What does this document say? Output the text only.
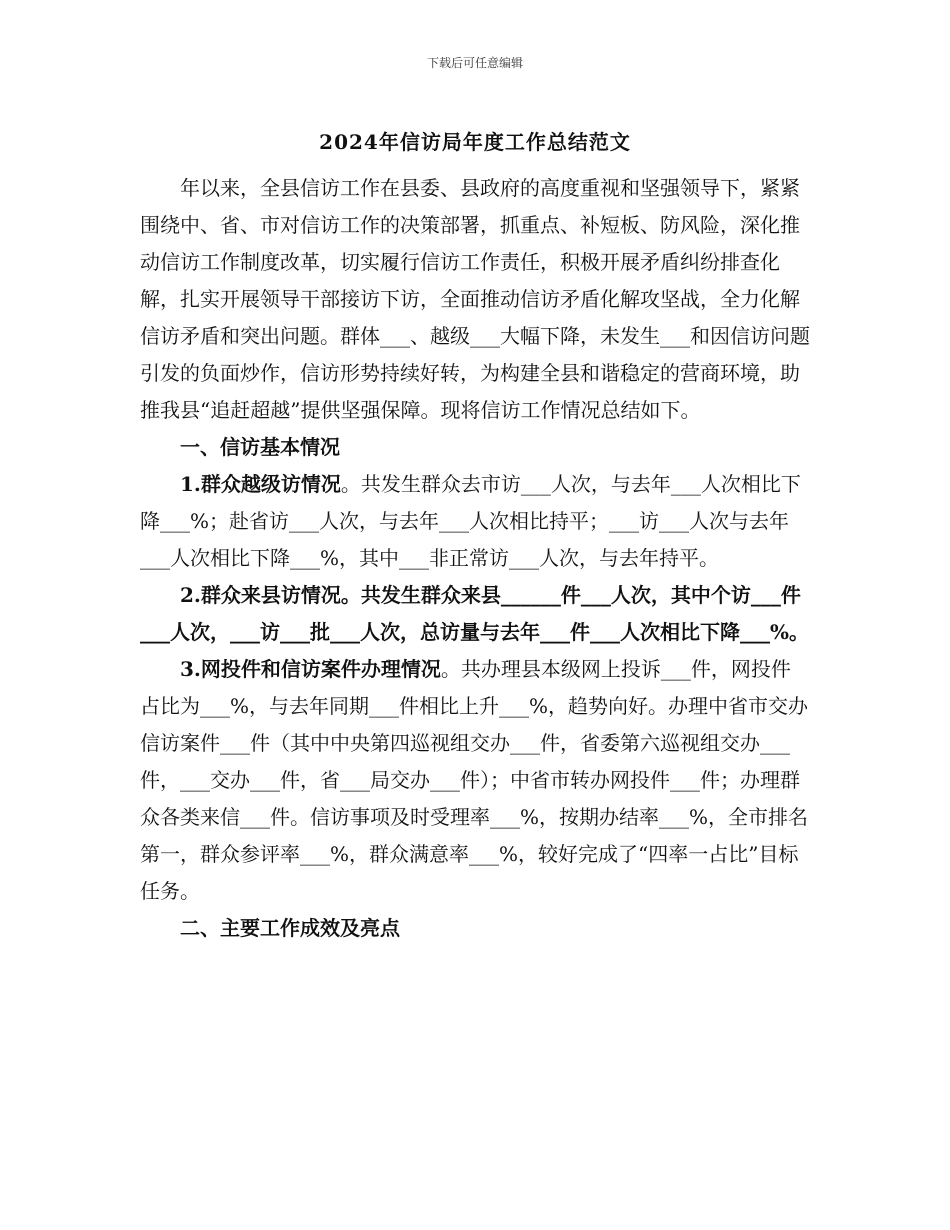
下载后可任意编辑
2024年信访局年度工作总结范文

年以来，全县信访工作在县委、县政府的高度重视和坚强领导下，紧紧围绕中、省、市对信访工作的决策部署，抓重点、补短板、防风险，深化推动信访工作制度改革，切实履行信访工作责任，积极开展矛盾纠纷排查化解，扎实开展领导干部接访下访，全面推动信访矛盾化解攻坚战，全力化解信访矛盾和突出问题。群体___、越级___大幅下降，未发生___和因信访问题引发的负面炒作，信访形势持续好转，为构建全县和谐稳定的营商环境，助推我县“追赶超越”提供坚强保障。现将信访工作情况总结如下。

一、信访基本情况

1.群众越级访情况。共发生群众去市访___人次，与去年___人次相比下降___%；赴省访___人次，与去年___人次相比持平；___访___人次与去年___人次相比下降___%，其中___非正常访___人次，与去年持平。

2.群众来县访情况。共发生群众来县______件___人次，其中个访___件___人次，___访___批___人次，总访量与去年___件___人次相比下降___%。

3.网投件和信访案件办理情况。共办理县本级网上投诉___件，网投件占比为___%，与去年同期___件相比上升___%，趋势向好。办理中省市交办信访案件___件（其中中央第四巡视组交办___件，省委第六巡视组交办___件，___交办___件，省___局交办___件）；中省市转办网投件___件；办理群众各类来信___件。信访事项及时受理率___%，按期办结率___%，全市排名第一，群众参评率___%，群众满意率___%，较好完成了“四率一占比”目标任务。

二、主要工作成效及亮点
